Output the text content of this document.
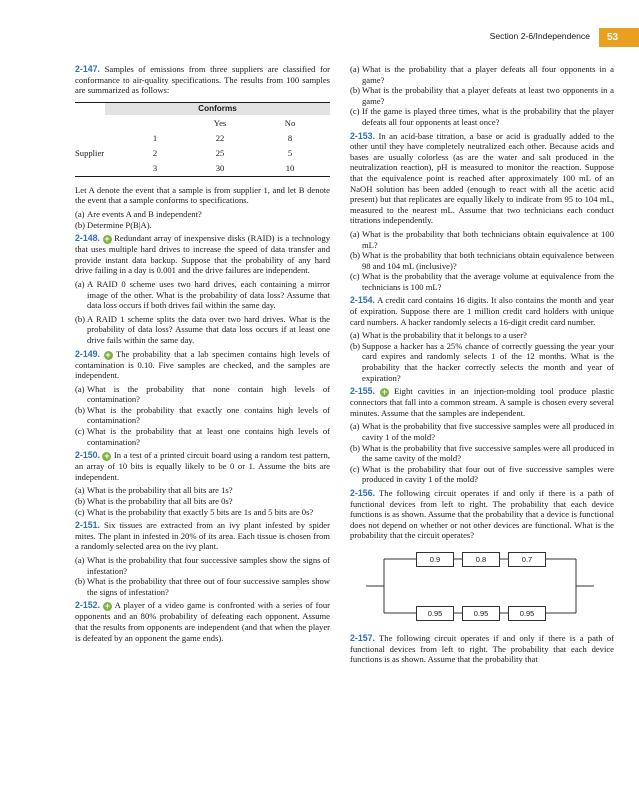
Section 2-6/Independence	53

2-147. Samples of emissions from three suppliers are classified for conformance to air-quality specifications. The results from 100 samples are summarized as follows:

Conforms
Yes	No
Supplier
1	22	8
2	25	5
3	30	10

Let A denote the event that a sample is from supplier 1, and let B denote the event that a sample conforms to specifications.

(a) Are events A and B independent?
(b) Determine P(B|A).

2-148. + Redundant array of inexpensive disks (RAID) is a technology that uses multiple hard drives to increase the speed of data transfer and provide instant data backup. Suppose that the probability of any hard drive failing in a day is 0.001 and the drive failures are independent.

(a) A RAID 0 scheme uses two hard drives, each containing a mirror image of the other. What is the probability of data loss? Assume that data loss occurs if both drives fail within the same day.
(b) A RAID 1 scheme splits the data over two hard drives. What is the probability of data loss? Assume that data loss occurs if at least one drive fails within the same day.

2-149. + The probability that a lab specimen contains high levels of contamination is 0.10. Five samples are checked, and the samples are independent.

(a) What is the probability that none contain high levels of contamination?
(b) What is the probability that exactly one contains high levels of contamination?
(c) What is the probability that at least one contains high levels of contamination?

2-150. + In a test of a printed circuit board using a random test pattern, an array of 10 bits is equally likely to be 0 or 1. Assume the bits are independent.

(a) What is the probability that all bits are 1s?
(b) What is the probability that all bits are 0s?
(c) What is the probability that exactly 5 bits are 1s and 5 bits are 0s?

2-151. Six tissues are extracted from an ivy plant infested by spider mites. The plant in infested in 20% of its area. Each tissue is chosen from a randomly selected area on the ivy plant.

(a) What is the probability that four successive samples show the signs of infestation?
(b) What is the probability that three out of four successive samples show the signs of infestation?

2-152. + A player of a video game is confronted with a series of four opponents and an 80% probability of defeating each opponent. Assume that the results from opponents are independent (and that when the player is defeated by an opponent the game ends).

(a) What is the probability that a player defeats all four opponents in a game?
(b) What is the probability that a player defeats at least two opponents in a game?
(c) If the game is played three times, what is the probability that the player defeats all four opponents at least once?

2-153. In an acid-base titration, a base or acid is gradually added to the other until they have completely neutralized each other. Because acids and bases are usually colorless (as are the water and salt produced in the neutralization reaction), pH is measured to monitor the reaction. Suppose that the equivalence point is reached after approximately 100 mL of an NaOH solution has been added (enough to react with all the acetic acid present) but that replicates are equally likely to indicate from 95 to 104 mL, measured to the nearest mL. Assume that two technicians each conduct titrations independently.

(a) What is the probability that both technicians obtain equivalence at 100 mL?
(b) What is the probability that both technicians obtain equivalence between 98 and 104 mL (inclusive)?
(c) What is the probability that the average volume at equivalence from the technicians is 100 mL?

2-154. A credit card contains 16 digits. It also contains the month and year of expiration. Suppose there are 1 million credit card holders with unique card numbers. A hacker randomly selects a 16-digit credit card number.

(a) What is the probability that it belongs to a user?
(b) Suppose a hacker has a 25% chance of correctly guessing the year your card expires and randomly selects 1 of the 12 months. What is the probability that the hacker correctly selects the month and year of expiration?

2-155. + Eight cavities in an injection-molding tool produce plastic connectors that fall into a common stream. A sample is chosen every several minutes. Assume that the samples are independent.

(a) What is the probability that five successive samples were all produced in cavity 1 of the mold?
(b) What is the probability that five successive samples were all produced in the same cavity of the mold?
(c) What is the probability that four out of five successive samples were produced in cavity 1 of the mold?

2-156. The following circuit operates if and only if there is a path of functional devices from left to right. The probability that each device functions is as shown. Assume that the probability that a device is functional does not depend on whether or not other devices are functional. What is the probability that the circuit operates?

0.9	0.8	0.7
0.95	0.95	0.95

2-157. The following circuit operates if and only if there is a path of functional devices from left to right. The probability that each device functions is as shown. Assume that the probability that
